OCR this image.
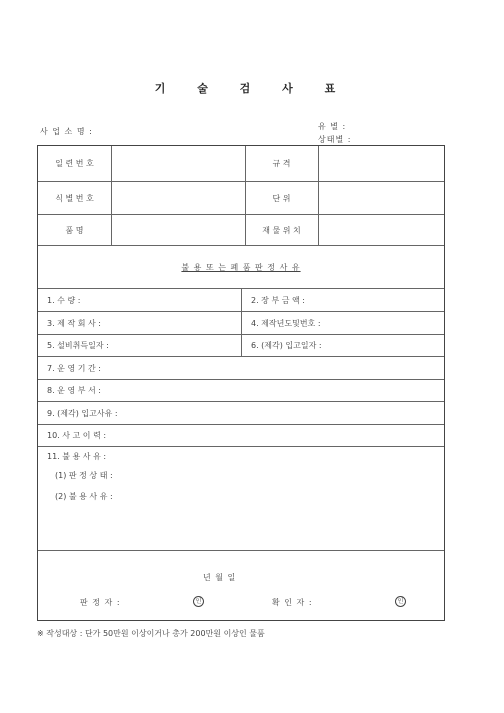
기 술 검 사 표
사 업 소 명 :
유 별 :
상태별 :
일 련 번 호	규 격
식 별 번 호	단 위
품 명	재 물 위 치
불 용 또 는 폐 품 판 정 사 유
1. 수 량 :	2. 장 부 금 액 :
3. 제 작 회 사 :	4. 제작년도및번호 :
5. 설비취득일자 :	6. (제각) 입고일자 :
7. 운 영 기 간 :
8. 운 영 부 서 :
9. (제각) 입고사유 :
10. 사 고 이 력 :
11. 불 용 사 유 :
(1) 판 정 상 태 :
(2) 불 용 사 유 :
년 월 일
판 정 자 :	인	확 인 자 :	인
※ 작성대상 : 단가 50만원 이상이거나 총가 200만원 이상인 물품
